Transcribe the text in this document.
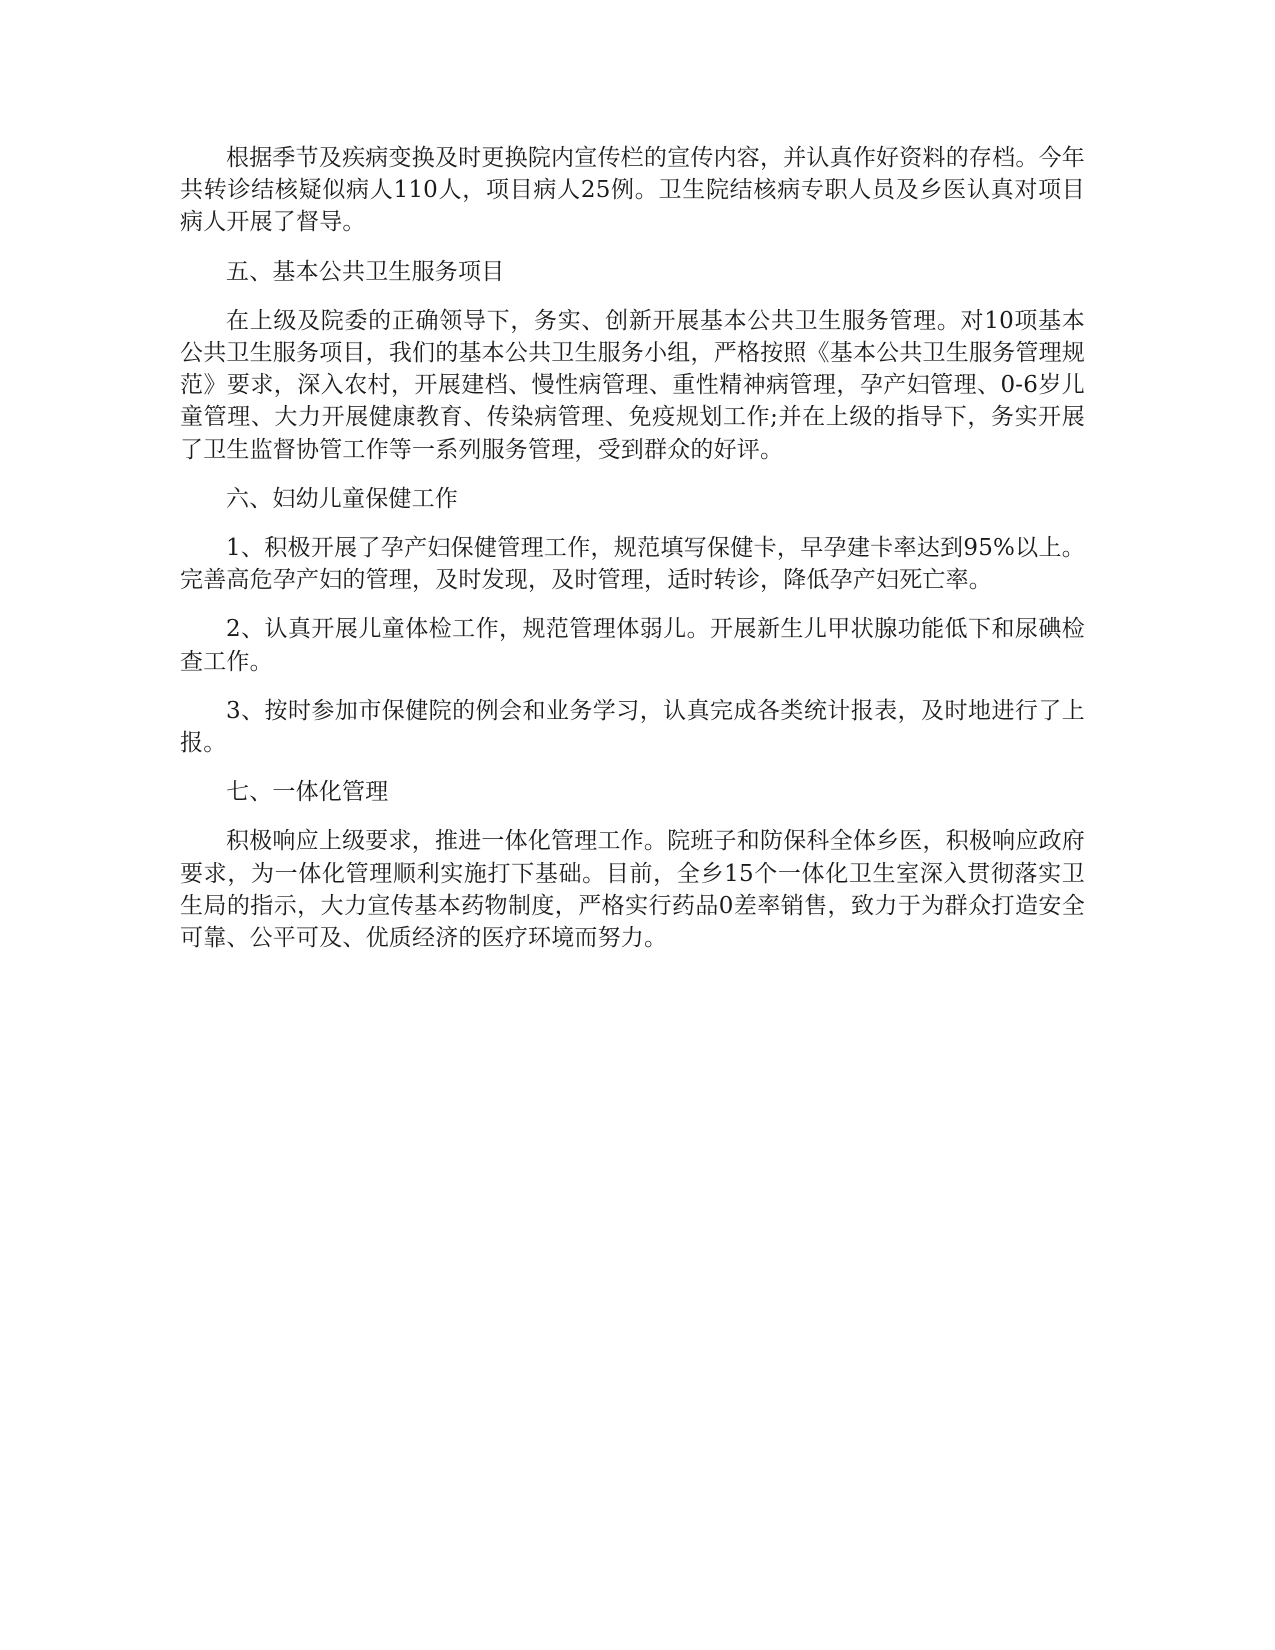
根据季节及疾病变换及时更换院内宣传栏的宣传内容，并认真作好资料的存档。今年共转诊结核疑似病人110人，项目病人25例。卫生院结核病专职人员及乡医认真对项目病人开展了督导。

五、基本公共卫生服务项目

在上级及院委的正确领导下，务实、创新开展基本公共卫生服务管理。对10项基本公共卫生服务项目，我们的基本公共卫生服务小组，严格按照《基本公共卫生服务管理规范》要求，深入农村，开展建档、慢性病管理、重性精神病管理，孕产妇管理、0-6岁儿童管理、大力开展健康教育、传染病管理、免疫规划工作;并在上级的指导下，务实开展了卫生监督协管工作等一系列服务管理，受到群众的好评。

六、妇幼儿童保健工作

1、积极开展了孕产妇保健管理工作，规范填写保健卡，早孕建卡率达到95%以上。完善高危孕产妇的管理，及时发现，及时管理，适时转诊，降低孕产妇死亡率。

2、认真开展儿童体检工作，规范管理体弱儿。开展新生儿甲状腺功能低下和尿碘检查工作。

3、按时参加市保健院的例会和业务学习，认真完成各类统计报表，及时地进行了上报。

七、一体化管理

积极响应上级要求，推进一体化管理工作。院班子和防保科全体乡医，积极响应政府要求，为一体化管理顺利实施打下基础。目前，全乡15个一体化卫生室深入贯彻落实卫生局的指示，大力宣传基本药物制度，严格实行药品0差率销售，致力于为群众打造安全可靠、公平可及、优质经济的医疗环境而努力。
